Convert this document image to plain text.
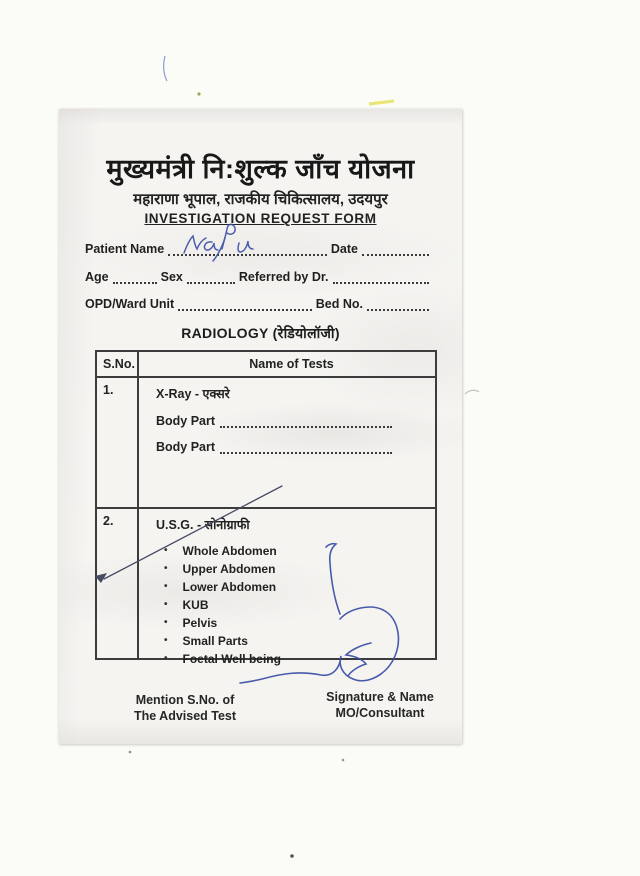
मुख्यमंत्री नि:शुल्क जाँच योजना
महाराणा भूपाल, राजकीय चिकित्सालय, उदयपुर
INVESTIGATION REQUEST FORM
Patient Name	Date
Age	Sex	Referred by Dr.
OPD/Ward Unit	Bed No.
RADIOLOGY (रेडियोलॉजी)
S.No.	Name of Tests
1.	X-Ray - एक्सरे
Body Part
Body Part
2.	U.S.G. - सोनोग्राफी
• Whole Abdomen
• Upper Abdomen
• Lower Abdomen
• KUB
• Pelvis
• Small Parts
• Foetal Well being
Mention S.No. of
The Advised Test
Signature & Name
MO/Consultant
